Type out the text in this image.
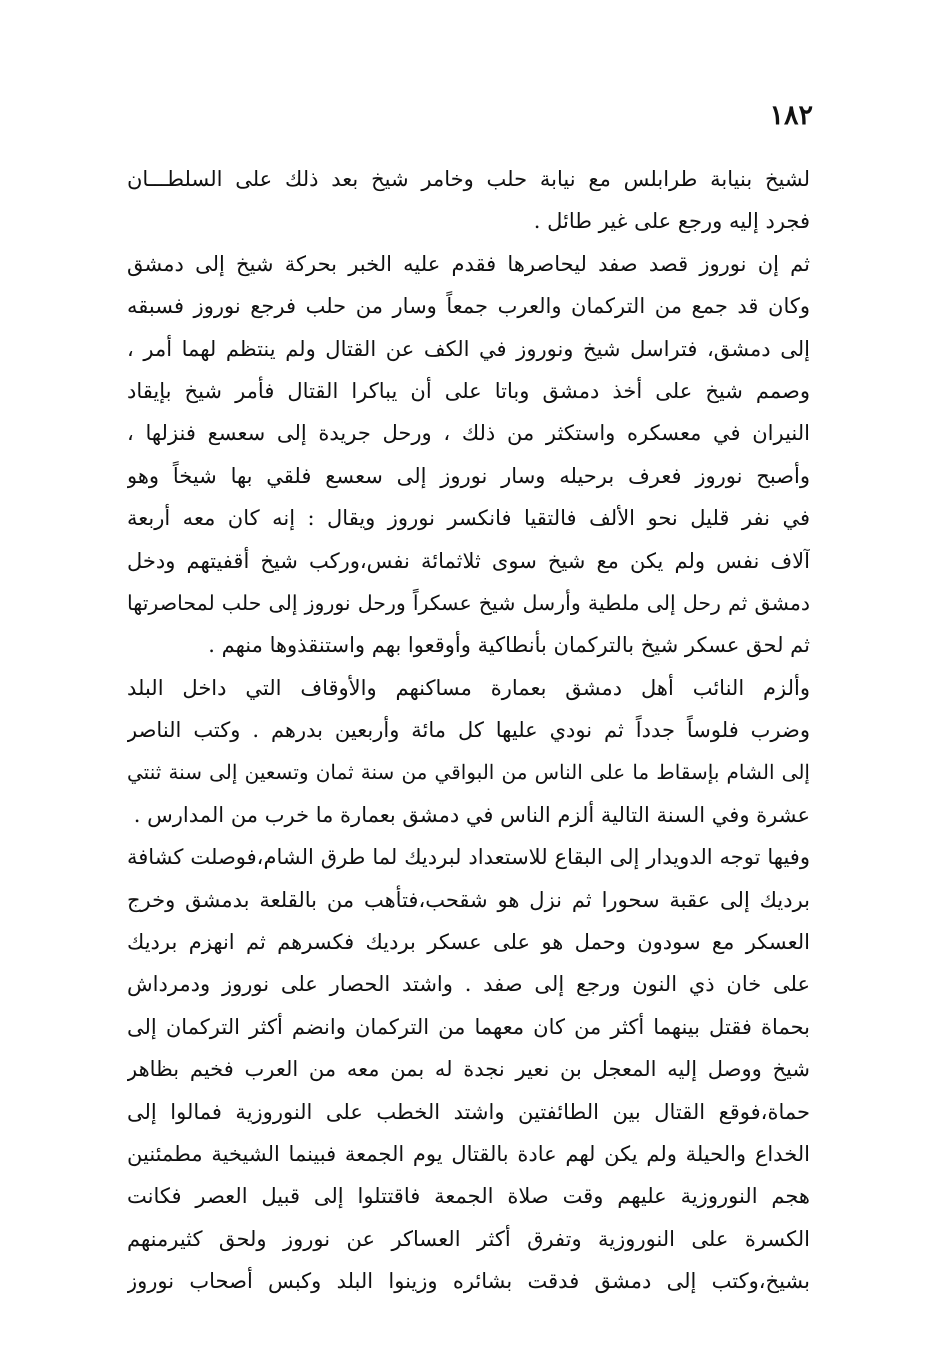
١٨٢
لشيخ بنيابة طرابلس مع نيابة حلب وخامر شيخ بعد ذلك على السلطـــان
فجرد إليه ورجع على غير طائل .
ثم إن نوروز قصد صفد ليحاصرها فقدم عليه الخبر بحركة شيخ إلى دمشق
وكان قد جمع من التركمان والعرب جمعاً وسار من حلب فرجع نوروز فسبقه
إلى دمشق، فتراسل شيخ ونوروز في الكف عن القتال ولم ينتظم لهما أمر ،
وصمم شيخ على أخذ دمشق وباتا على أن يباكرا القتال فأمر شيخ بإيقاد
النيران في معسكره واستكثر من ذلك ، ورحل جريدة إلى سعسع فنزلها ،
وأصبح نوروز فعرف برحيله وسار نوروز إلى سعسع فلقي بها شيخاً وهو
في نفر قليل نحو الألف فالتقيا فانكسر نوروز ويقال : إنه كان معه أربعة
آلاف نفس ولم يكن مع شيخ سوى ثلاثمائة نفس،وركب شيخ أقفيتهم ودخل
دمشق ثم رحل إلى ملطية وأرسل شيخ عسكراً ورحل نوروز إلى حلب لمحاصرتها
ثم لحق عسكر شيخ بالتركمان بأنطاكية وأوقعوا بهم واستنقذوها منهم .
وألزم النائب أهل دمشق بعمارة مساكنهم والأوقاف التي داخل البلد
وضرب فلوساً جدداً ثم نودي عليها كل مائة وأربعين بدرهم . وكتب الناصر
إلى الشام بإسقاط ما على الناس من البواقي من سنة ثمان وتسعين إلى سنة ثنتي
عشرة وفي السنة التالية ألزم الناس في دمشق بعمارة ما خرب من المدارس .
وفيها توجه الدويدار إلى البقاع للاستعداد لبرديك لما طرق الشام،فوصلت كشافة
برديك إلى عقبة سحورا ثم نزل هو شقحب،فتأهب من بالقلعة بدمشق وخرج
العسكر مع سودون وحمل هو على عسكر برديك فكسرهم ثم انهزم برديك
على خان ذي النون ورجع إلى صفد . واشتد الحصار على نوروز ودمرداش
بحماة فقتل بينهما أكثر من كان معهما من التركمان وانضم أكثر التركمان إلى
شيخ ووصل إليه المعجل بن نعير نجدة له بمن معه من العرب فخيم بظاهر
حماة،فوقع القتال بين الطائفتين واشتد الخطب على النوروزية فمالوا إلى
الخداع والحيلة ولم يكن لهم عادة بالقتال يوم الجمعة فبينما الشيخية مطمئنين
هجم النوروزية عليهم وقت صلاة الجمعة فاقتتلوا إلى قبيل العصر فكانت
الكسرة على النوروزية وتفرق أكثر العساكر عن نوروز ولحق كثيرمنهم
بشيخ،وكتب إلى دمشق فدقت بشائره وزينوا البلد وكبس أصحاب نوروز
